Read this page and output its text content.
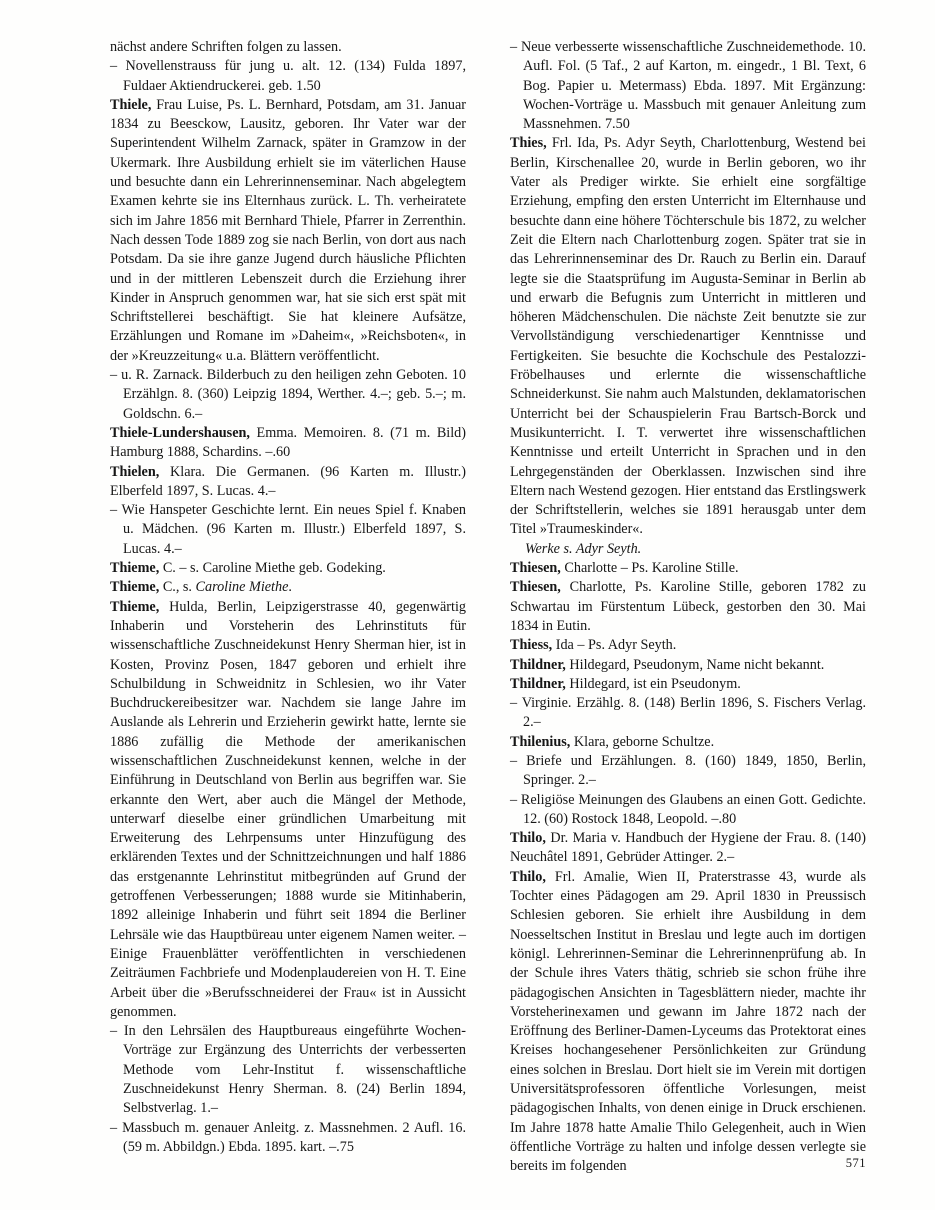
nächst andere Schriften folgen zu lassen.

– Novellenstrauss für jung u. alt. 12. (134) Fulda 1897, Fuldaer Aktiendruckerei. geb. 1.50

Thiele, Frau Luise, Ps. L. Bernhard, Potsdam, am 31. Januar 1834 zu Beesckow, Lausitz, geboren. Ihr Vater war der Superintendent Wilhelm Zarnack, später in Gramzow in der Ukermark. Ihre Ausbildung erhielt sie im väterlichen Hause und besuchte dann ein Lehrerinnenseminar. Nach abgelegtem Examen kehrte sie ins Elternhaus zurück. L. Th. verheiratete sich im Jahre 1856 mit Bernhard Thiele, Pfarrer in Zerrenthin. Nach dessen Tode 1889 zog sie nach Berlin, von dort aus nach Potsdam. Da sie ihre ganze Jugend durch häusliche Pflichten und in der mittleren Lebenszeit durch die Erziehung ihrer Kinder in Anspruch genommen war, hat sie sich erst spät mit Schriftstellerei beschäftigt. Sie hat kleinere Aufsätze, Erzählungen und Romane im »Daheim«, »Reichsboten«, in der »Kreuzzeitung« u.a. Blättern veröffentlicht.

– u. R. Zarnack. Bilderbuch zu den heiligen zehn Geboten. 10 Erzählgn. 8. (360) Leipzig 1894, Werther. 4.–; geb. 5.–; m. Goldschn. 6.–

Thiele-Lundershausen, Emma. Memoiren. 8. (71 m. Bild) Hamburg 1888, Schardins. –.60

Thielen, Klara. Die Germanen. (96 Karten m. Illustr.) Elberfeld 1897, S. Lucas. 4.–

– Wie Hanspeter Geschichte lernt. Ein neues Spiel f. Knaben u. Mädchen. (96 Karten m. Illustr.) Elberfeld 1897, S. Lucas. 4.–

Thieme, C. – s. Caroline Miethe geb. Godeking.

Thieme, C., s. Caroline Miethe.

Thieme, Hulda, Berlin, Leipzigerstrasse 40, gegenwärtig Inhaberin und Vorsteherin des Lehrinstituts für wissenschaftliche Zuschneidekunst Henry Sherman hier, ist in Kosten, Provinz Posen, 1847 geboren und erhielt ihre Schulbildung in Schweidnitz in Schlesien, wo ihr Vater Buchdruckereibesitzer war. Nachdem sie lange Jahre im Auslande als Lehrerin und Erzieherin gewirkt hatte, lernte sie 1886 zufällig die Methode der amerikanischen wissenschaftlichen Zuschneidekunst kennen, welche in der Einführung in Deutschland von Berlin aus begriffen war. Sie erkannte den Wert, aber auch die Mängel der Methode, unterwarf dieselbe einer gründlichen Umarbeitung mit Erweiterung des Lehrpensums unter Hinzufügung des erklärenden Textes und der Schnittzeichnungen und half 1886 das erstgenannte Lehrinstitut mitbegründen auf Grund der getroffenen Verbesserungen; 1888 wurde sie Mitinhaberin, 1892 alleinige Inhaberin und führt seit 1894 die Berliner Lehrsäle wie das Hauptbüreau unter eigenem Namen weiter. – Einige Frauenblätter veröffentlichten in verschiedenen Zeiträumen Fachbriefe und Modenplaudereien von H. T. Eine Arbeit über die »Berufsschneiderei der Frau« ist in Aussicht genommen.

– In den Lehrsälen des Hauptbureaus eingeführte Wochen-Vorträge zur Ergänzung des Unterrichts der verbesserten Methode vom Lehr-Institut f. wissenschaftliche Zuschneidekunst Henry Sherman. 8. (24) Berlin 1894, Selbstverlag. 1.–

– Massbuch m. genauer Anleitg. z. Massnehmen. 2 Aufl. 16. (59 m. Abbildgn.) Ebda. 1895. kart. –.75

– Neue verbesserte wissenschaftliche Zuschneidemethode. 10. Aufl. Fol. (5 Taf., 2 auf Karton, m. eingedr., 1 Bl. Text, 6 Bog. Papier u. Metermass) Ebda. 1897. Mit Ergänzung: Wochen-Vorträge u. Massbuch mit genauer Anleitung zum Massnehmen. 7.50

Thies, Frl. Ida, Ps. Adyr Seyth, Charlottenburg, Westend bei Berlin, Kirschenallee 20, wurde in Berlin geboren, wo ihr Vater als Prediger wirkte. Sie erhielt eine sorgfältige Erziehung, empfing den ersten Unterricht im Elternhause und besuchte dann eine höhere Töchterschule bis 1872, zu welcher Zeit die Eltern nach Charlottenburg zogen. Später trat sie in das Lehrerinnenseminar des Dr. Rauch zu Berlin ein. Darauf legte sie die Staatsprüfung im Augusta-Seminar in Berlin ab und erwarb die Befugnis zum Unterricht in mittleren und höheren Mädchenschulen. Die nächste Zeit benutzte sie zur Vervollständigung verschiedenartiger Kenntnisse und Fertigkeiten. Sie besuchte die Kochschule des Pestalozzi-Fröbelhauses und erlernte die wissenschaftliche Schneiderkunst. Sie nahm auch Malstunden, deklamatorischen Unterricht bei der Schauspielerin Frau Bartsch-Borck und Musikunterricht. I. T. verwertet ihre wissenschaftlichen Kenntnisse und erteilt Unterricht in Sprachen und in den Lehrgegenständen der Oberklassen. Inzwischen sind ihre Eltern nach Westend gezogen. Hier entstand das Erstlingswerk der Schriftstellerin, welches sie 1891 herausgab unter dem Titel »Traumeskinder«.

Werke s. Adyr Seyth.

Thiesen, Charlotte – Ps. Karoline Stille.

Thiesen, Charlotte, Ps. Karoline Stille, geboren 1782 zu Schwartau im Fürstentum Lübeck, gestorben den 30. Mai 1834 in Eutin.

Thiess, Ida – Ps. Adyr Seyth.

Thildner, Hildegard, Pseudonym, Name nicht bekannt.

Thildner, Hildegard, ist ein Pseudonym.

– Virginie. Erzählg. 8. (148) Berlin 1896, S. Fischers Verlag. 2.–

Thilenius, Klara, geborne Schultze.

– Briefe und Erzählungen. 8. (160) 1849, 1850, Berlin, Springer. 2.–

– Religiöse Meinungen des Glaubens an einen Gott. Gedichte. 12. (60) Rostock 1848, Leopold. –.80

Thilo, Dr. Maria v. Handbuch der Hygiene der Frau. 8. (140) Neuchâtel 1891, Gebrüder Attinger. 2.–

Thilo, Frl. Amalie, Wien II, Praterstrasse 43, wurde als Tochter eines Pädagogen am 29. April 1830 in Preussisch Schlesien geboren. Sie erhielt ihre Ausbildung in dem Noesseltschen Institut in Breslau und legte auch im dortigen königl. Lehrerinnen-Seminar die Lehrerinnenprüfung ab. In der Schule ihres Vaters thätig, schrieb sie schon frühe ihre pädagogischen Ansichten in Tagesblättern nieder, machte ihr Vorsteherinexamen und gewann im Jahre 1872 nach der Eröffnung des Berliner-Damen-Lyceums das Protektorat eines Kreises hochangesehener Persönlichkeiten zur Gründung eines solchen in Breslau. Dort hielt sie im Verein mit dortigen Universitätsprofessoren öffentliche Vorlesungen, meist pädagogischen Inhalts, von denen einige in Druck erschienen. Im Jahre 1878 hatte Amalie Thilo Gelegenheit, auch in Wien öffentliche Vorträge zu halten und infolge dessen verlegte sie bereits im folgenden	571
